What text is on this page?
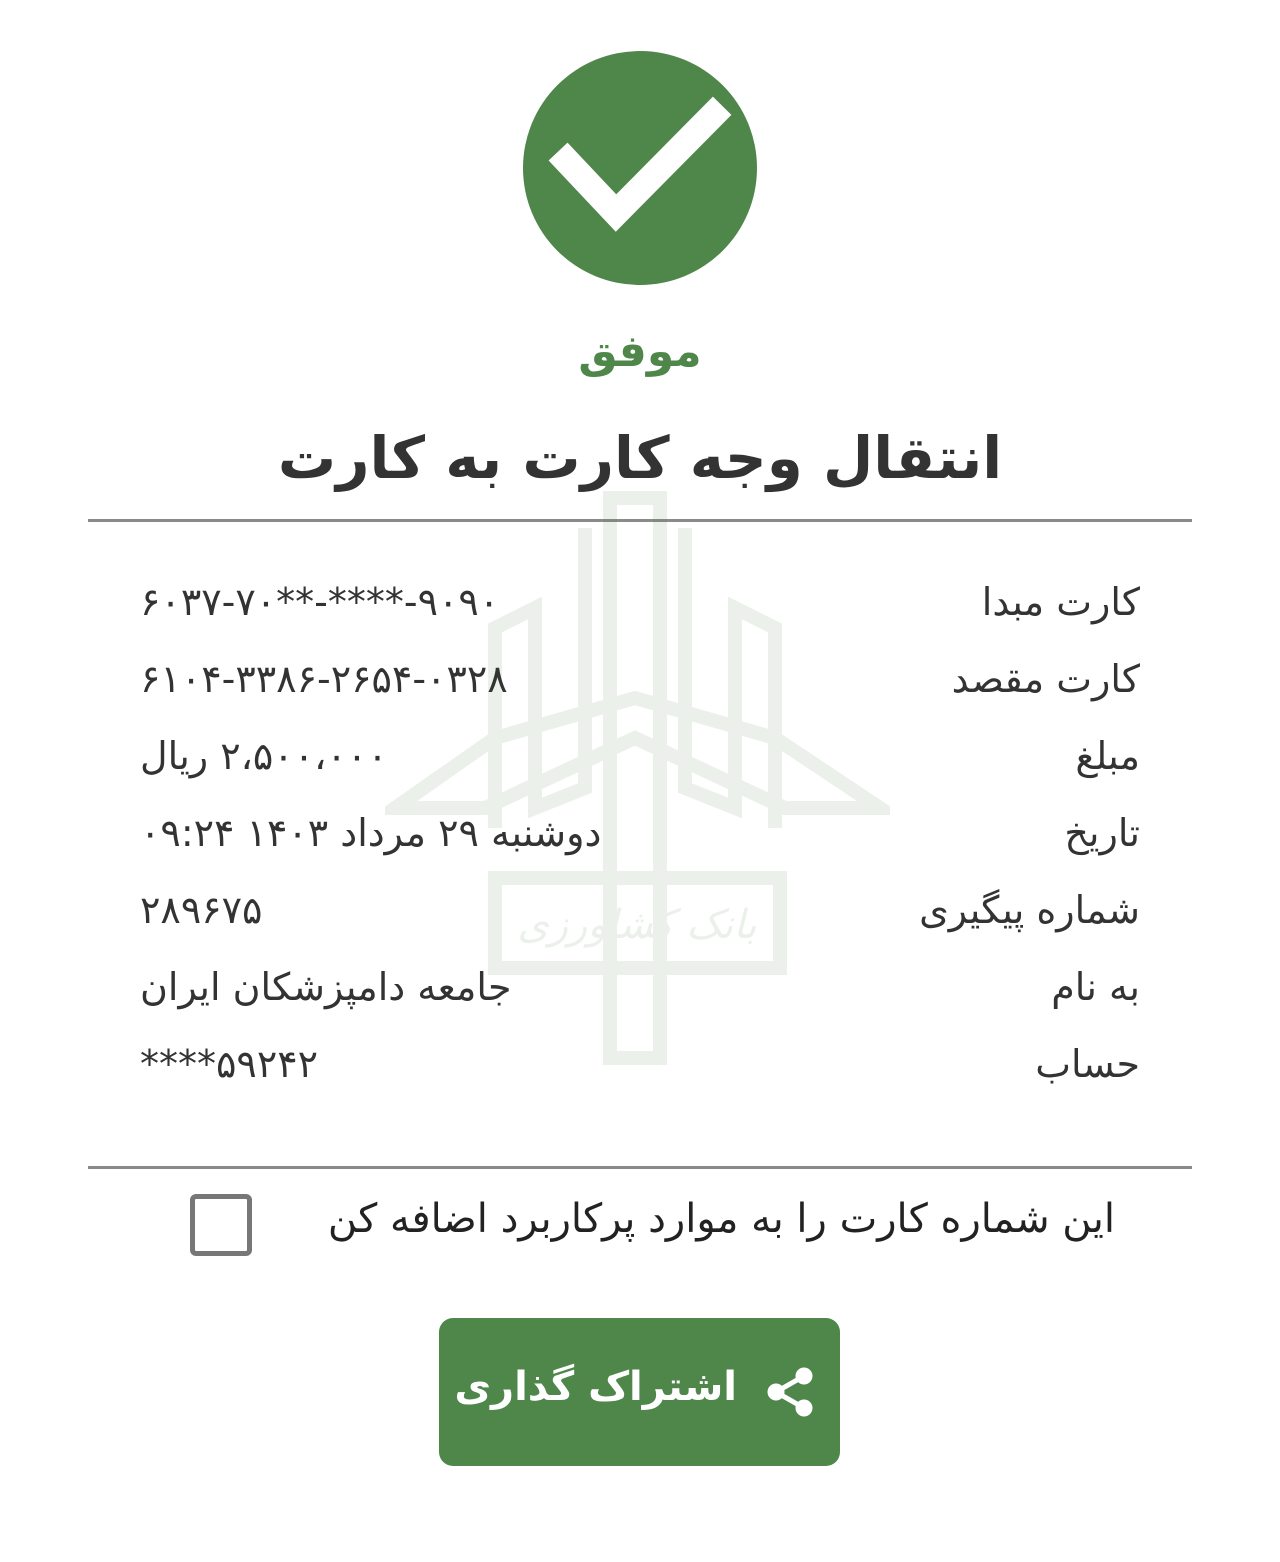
موفق
انتقال وجه کارت به کارت
بانک کشاورزی
کارت مبدا
۶۰۳۷-۷۰**-****-۹۰۹۰
کارت مقصد
۶۱۰۴-۳۳۸۶-۲۶۵۴-۰۳۲۸
مبلغ
۲،۵۰۰،۰۰۰ ریال
تاریخ
دوشنبه ۲۹ مرداد ۱۴۰۳ ۰۹:۲۴
شماره پیگیری
۲۸۹۶۷۵
به نام
جامعه دامپزشکان ایران
حساب
****۵۹۲۴۲
این شماره کارت را به موارد پرکاربرد اضافه کن
اشتراک گذاری
